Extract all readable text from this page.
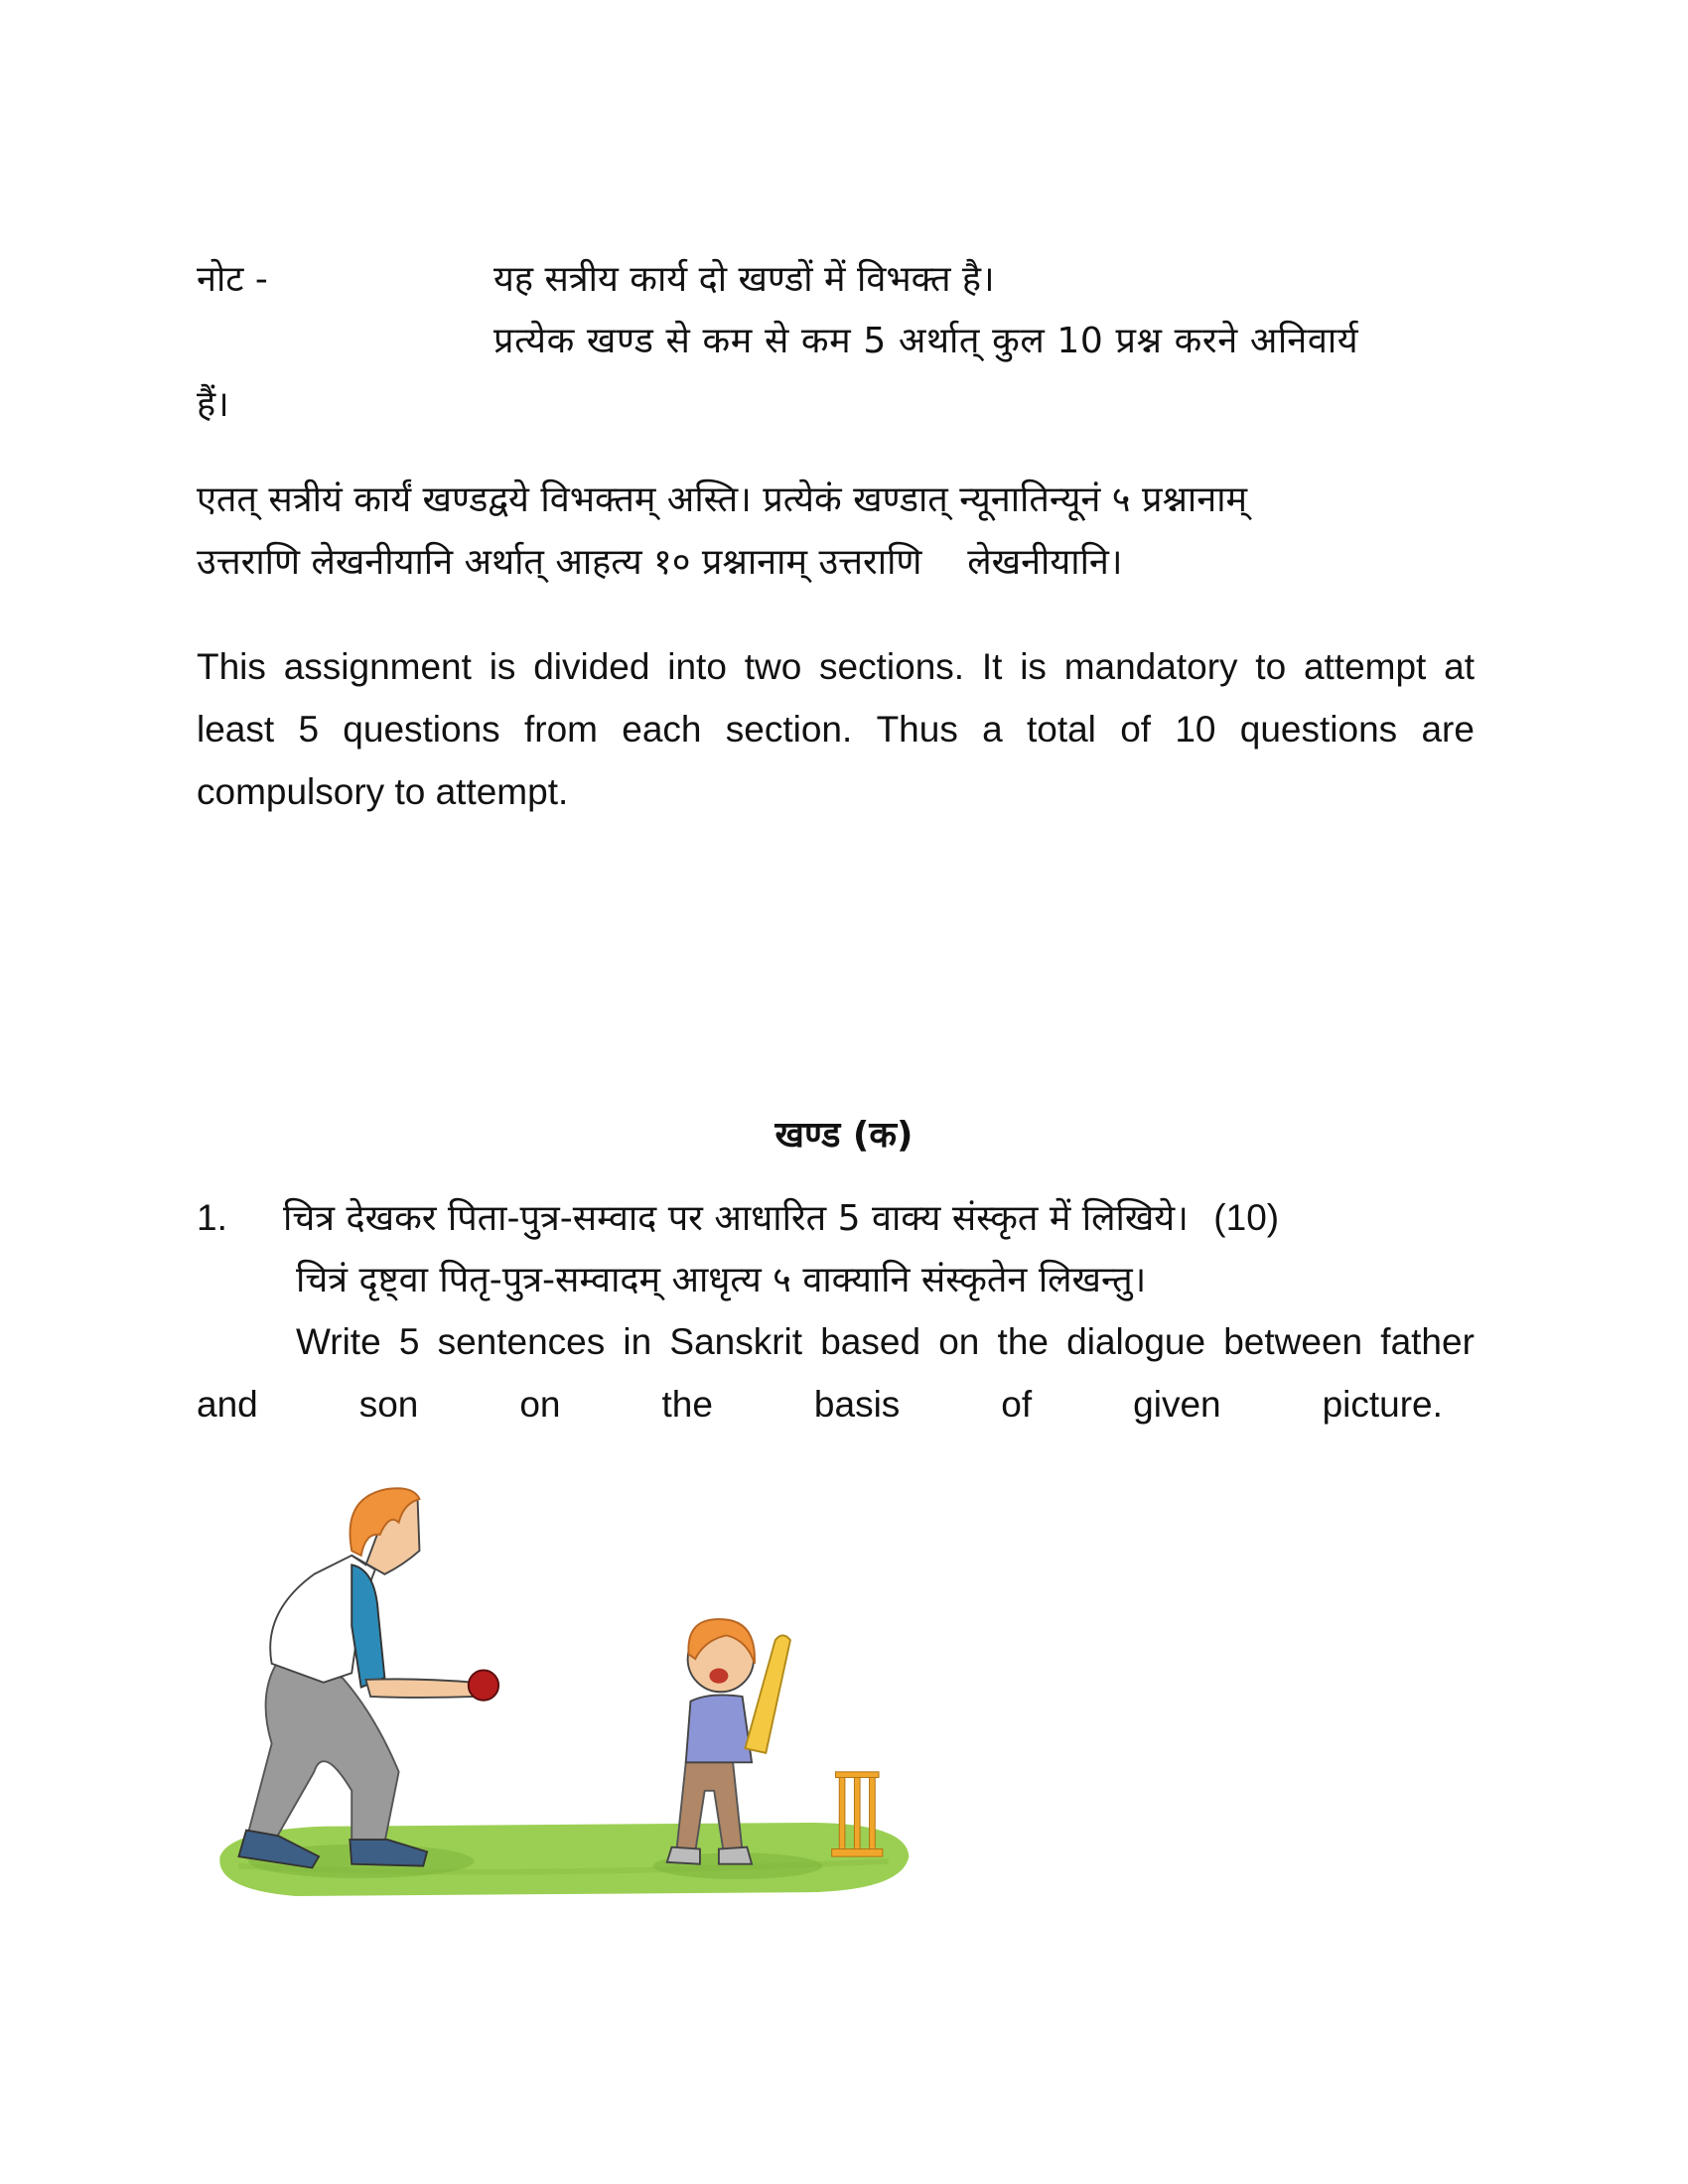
नोट -	यह सत्रीय कार्य दो खण्डों में विभक्त है।
प्रत्येक खण्ड से कम से कम 5 अर्थात् कुल 10 प्रश्न करने अनिवार्य
हैं।
एतत् सत्रीयं कार्यं खण्डद्वये विभक्तम् अस्ति। प्रत्येकं खण्डात् न्यूनातिन्यूनं ५ प्रश्नानाम्
उत्तराणि लेखनीयानि अर्थात् आहत्य १० प्रश्नानाम् उत्तराणि    लेखनीयानि।
This assignment is divided into two sections. It is mandatory to attempt at
least 5 questions from each section. Thus a total of 10 questions are
compulsory to attempt.
खण्ड (क)
1. चित्र देखकर पिता-पुत्र-सम्वाद पर आधारित 5 वाक्य संस्कृत में लिखिये। (10)
चित्रं दृष्ट्वा पितृ-पुत्र-सम्वादम् आधृत्य ५ वाक्यानि संस्कृतेन लिखन्तु।
Write 5 sentences in Sanskrit based on the dialogue between father
and	son	on	the	basis	of	given	picture.
